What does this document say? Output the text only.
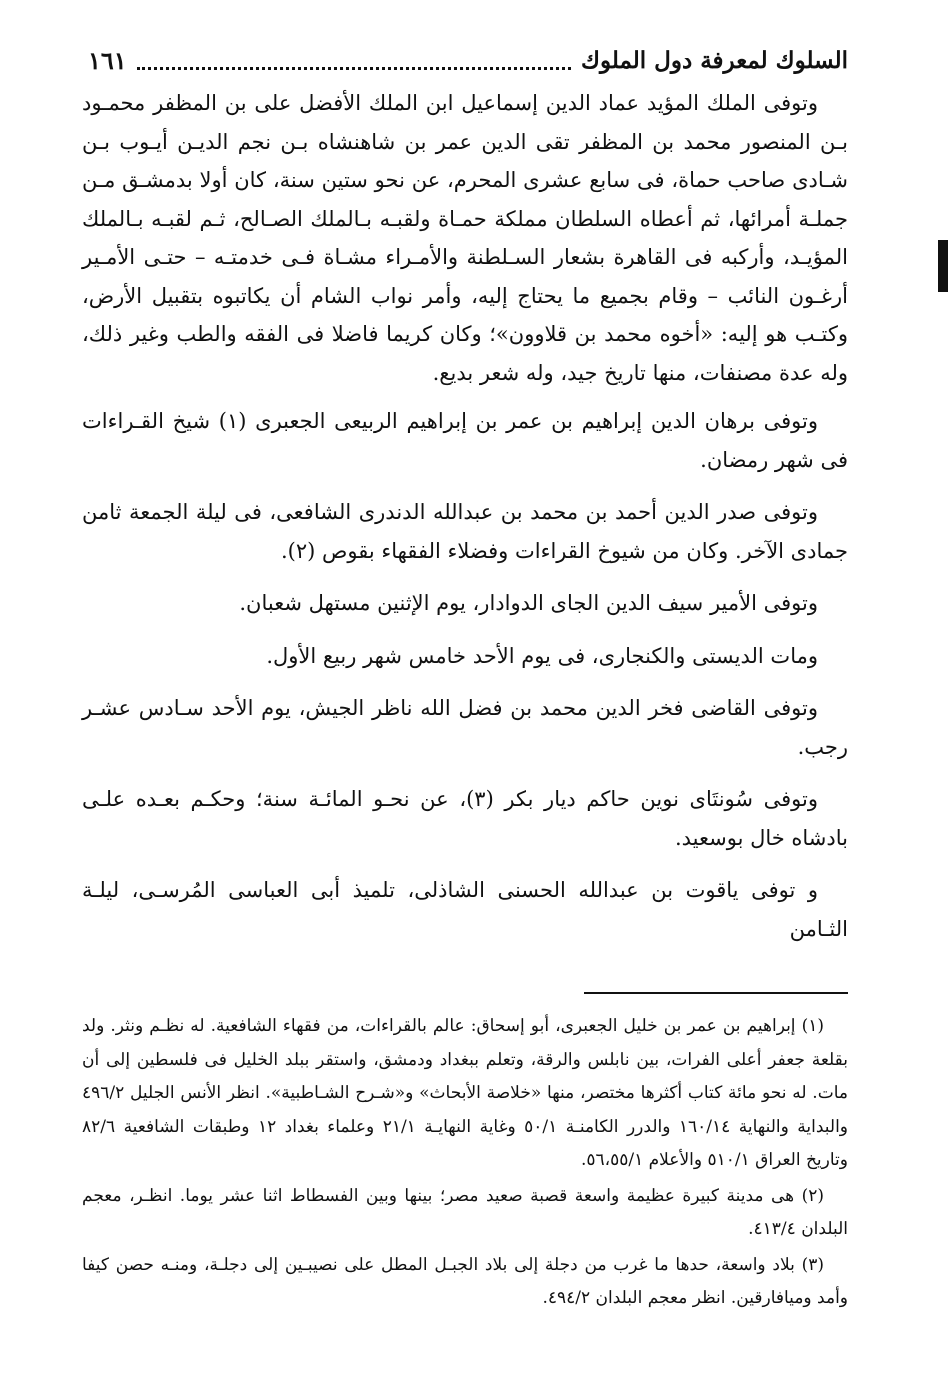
السلوك لمعرفة دول الملوك
١٦١

وتوفى الملك المؤيد عماد الدين إسماعيل ابن الملك الأفضل على بن المظفر محمـود بـن المنصور محمد بن المظفر تقى الدين عمر بن شاهنشاه بـن نجم الديـن أيـوب بـن شـادى صاحب حماة، فى سابع عشرى المحرم، عن نحو ستين سنة، كان أولا بدمشـق مـن جملـة أمرائها، ثم أعطاه السلطان مملكة حمـاة ولقبـه بـالملك الصـالح، ثـم لقبـه بـالملك المؤيـد، وأركبه فى القاهرة بشعار السـلطنة والأمـراء مشـاة فـى خدمتـه – حتـى الأمـير أرغـون النائب – وقام بجميع ما يحتاج إليه، وأمر نواب الشام أن يكاتبوه بتقبيل الأرض، وكتـب هو إليه: «أخوه محمد بن قلاوون»؛ وكان كريما فاضلا فى الفقه والطب وغير ذلك، وله عدة مصنفات، منها تاريخ جيد، وله شعر بديع.

وتوفى برهان الدين إبراهيم بن عمر بن إبراهيم الربيعى الجعبرى (١) شيخ القـراءات فى شهر رمضان.

وتوفى صدر الدين أحمد بن محمد بن عبدالله الدندرى الشافعى، فى ليلة الجمعة ثامن جمادى الآخر. وكان من شيوخ القراءات وفضلاء الفقهاء بقوص (٢).

وتوفى الأمير سيف الدين الجاى الدوادار، يوم الإثنين مستهل شعبان.

ومات الديستى والكنجارى، فى يوم الأحد خامس شهر ربيع الأول.

وتوفى القاضى فخر الدين محمد بن فضل الله ناظر الجيش، يوم الأحد سـادس عشـر رجب.

وتوفى سُونتَاى نوين حاكم ديار بكر (٣)، عن نحـو المائـة سنة؛ وحكـم بعـده علـى بادشاه خال بوسعيد.

و توفى ياقوت بن عبدالله الحسنى الشاذلى، تلميذ أبى العباسى المُرسـى، ليلـة الثـامن

(١) إبراهيم بن عمر بن خليل الجعبرى، أبو إسحاق: عالم بالقراءات، من فقهاء الشافعية. له نظـم ونثر. ولد بقلعة جعفر أعلى الفرات، بين نابلس والرقة، وتعلم ببغداد ودمشق، واستقر ببلد الخليل فى فلسطين إلى أن مات. له نحو مائة كتاب أكثرها مختصر، منها «خلاصة الأبحاث» و«شـرح الشـاطبية». انظر الأنس الجليل ٤٩٦/٢ والبداية والنهاية ١٦٠/١٤ والدرر الكامنـة ٥٠/١ وغاية النهايـة ٢١/١ وعلماء بغداد ١٢ وطبقات الشافعية ٨٢/٦ وتاريخ العراق ٥١٠/١ والأعلام ٥٦،٥٥/١.

(٢) هى مدينة كبيرة عظيمة واسعة قصبة صعيد مصر؛ بينها وبين الفسطاط اثنا عشر يوما. انظـر، معجم البلدان ٤١٣/٤.

(٣) بلاد واسعة، حدها ما غرب من دجلة إلى بلاد الجبـل المطل على نصيبـين إلى دجلـة، ومنـه حصن كيفا وأمد وميافارقين. انظر معجم البلدان ٤٩٤/٢.
